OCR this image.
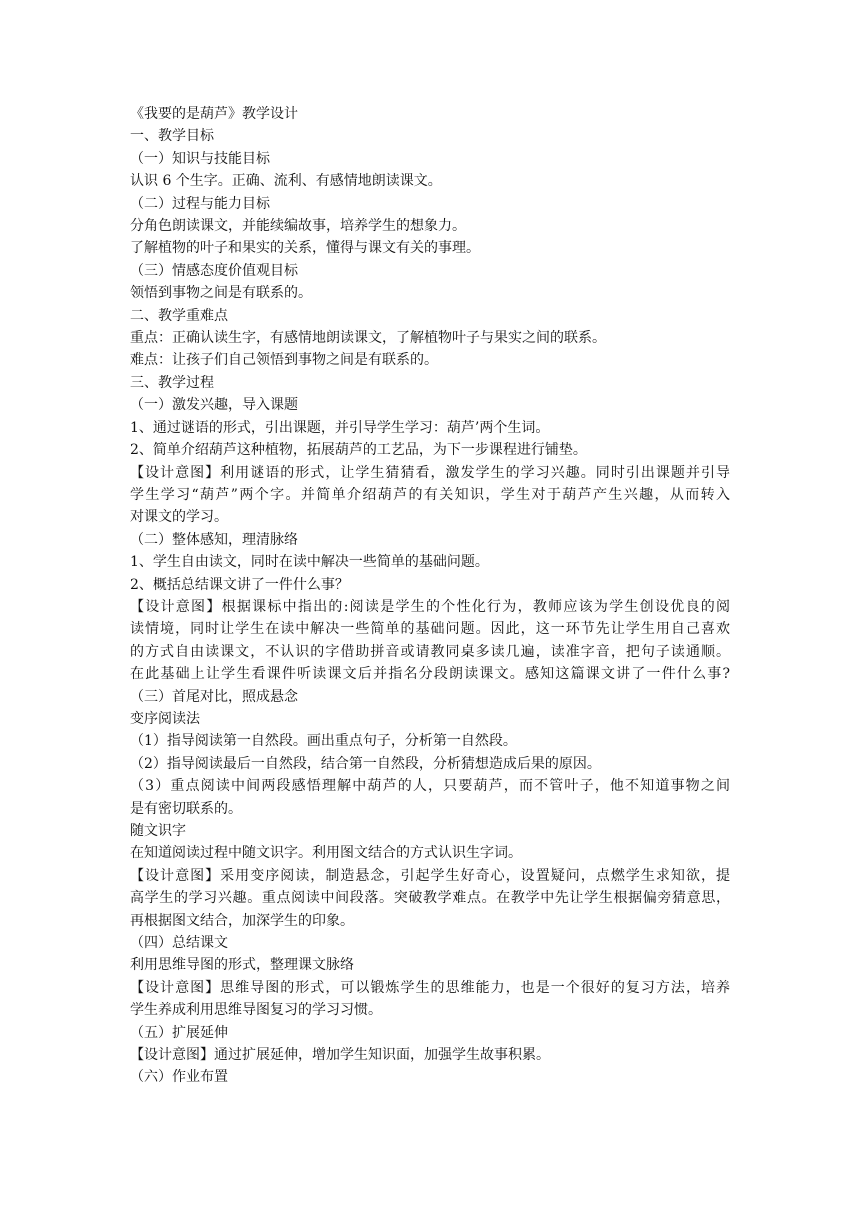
《我要的是葫芦》教学设计
一、教学目标
（一）知识与技能目标
认识 6 个生字。正确、流利、有感情地朗读课文。
（二）过程与能力目标
分角色朗读课文，并能续编故事，培养学生的想象力。
了解植物的叶子和果实的关系，懂得与课文有关的事理。
（三）情感态度价值观目标
领悟到事物之间是有联系的。
二、教学重难点
重点：正确认读生字，有感情地朗读课文，了解植物叶子与果实之间的联系。
难点：让孩子们自己领悟到事物之间是有联系的。
三、教学过程
（一）激发兴趣，导入课题
1、通过谜语的形式，引出课题，并引导学生学习：葫芦’两个生词。
2、简单介绍葫芦这种植物，拓展葫芦的工艺品，为下一步课程进行铺垫。
【设计意图】利用谜语的形式，让学生猜猜看，激发学生的学习兴趣。同时引出课题并引导
学生学习“葫芦”两个字。并简单介绍葫芦的有关知识，学生对于葫芦产生兴趣，从而转入
对课文的学习。
（二）整体感知，理清脉络
1、学生自由读文，同时在读中解决一些简单的基础问题。
2、概括总结课文讲了一件什么事？
【设计意图】根据课标中指出的:阅读是学生的个性化行为，教师应该为学生创设优良的阅
读情境，同时让学生在读中解决一些简单的基础问题。因此，这一环节先让学生用自己喜欢
的方式自由读课文，不认识的字借助拼音或请教同桌多读几遍，读准字音，把句子读通顺。
在此基础上让学生看课件听读课文后并指名分段朗读课文。感知这篇课文讲了一件什么事?
（三）首尾对比，照成悬念
变序阅读法
（1）指导阅读第一自然段。画出重点句子，分析第一自然段。
（2）指导阅读最后一自然段，结合第一自然段，分析猜想造成后果的原因。
（3）重点阅读中间两段感悟理解中葫芦的人，只要葫芦，而不管叶子，他不知道事物之间
是有密切联系的。
随文识字
在知道阅读过程中随文识字。利用图文结合的方式认识生字词。
【设计意图】采用变序阅读，制造悬念，引起学生好奇心，设置疑问，点燃学生求知欲，提
高学生的学习兴趣。重点阅读中间段落。突破教学难点。在教学中先让学生根据偏旁猜意思，
再根据图文结合，加深学生的印象。
（四）总结课文
利用思维导图的形式，整理课文脉络
【设计意图】思维导图的形式，可以锻炼学生的思维能力，也是一个很好的复习方法，培养
学生养成利用思维导图复习的学习习惯。
（五）扩展延伸
【设计意图】通过扩展延伸，增加学生知识面，加强学生故事积累。
（六）作业布置
